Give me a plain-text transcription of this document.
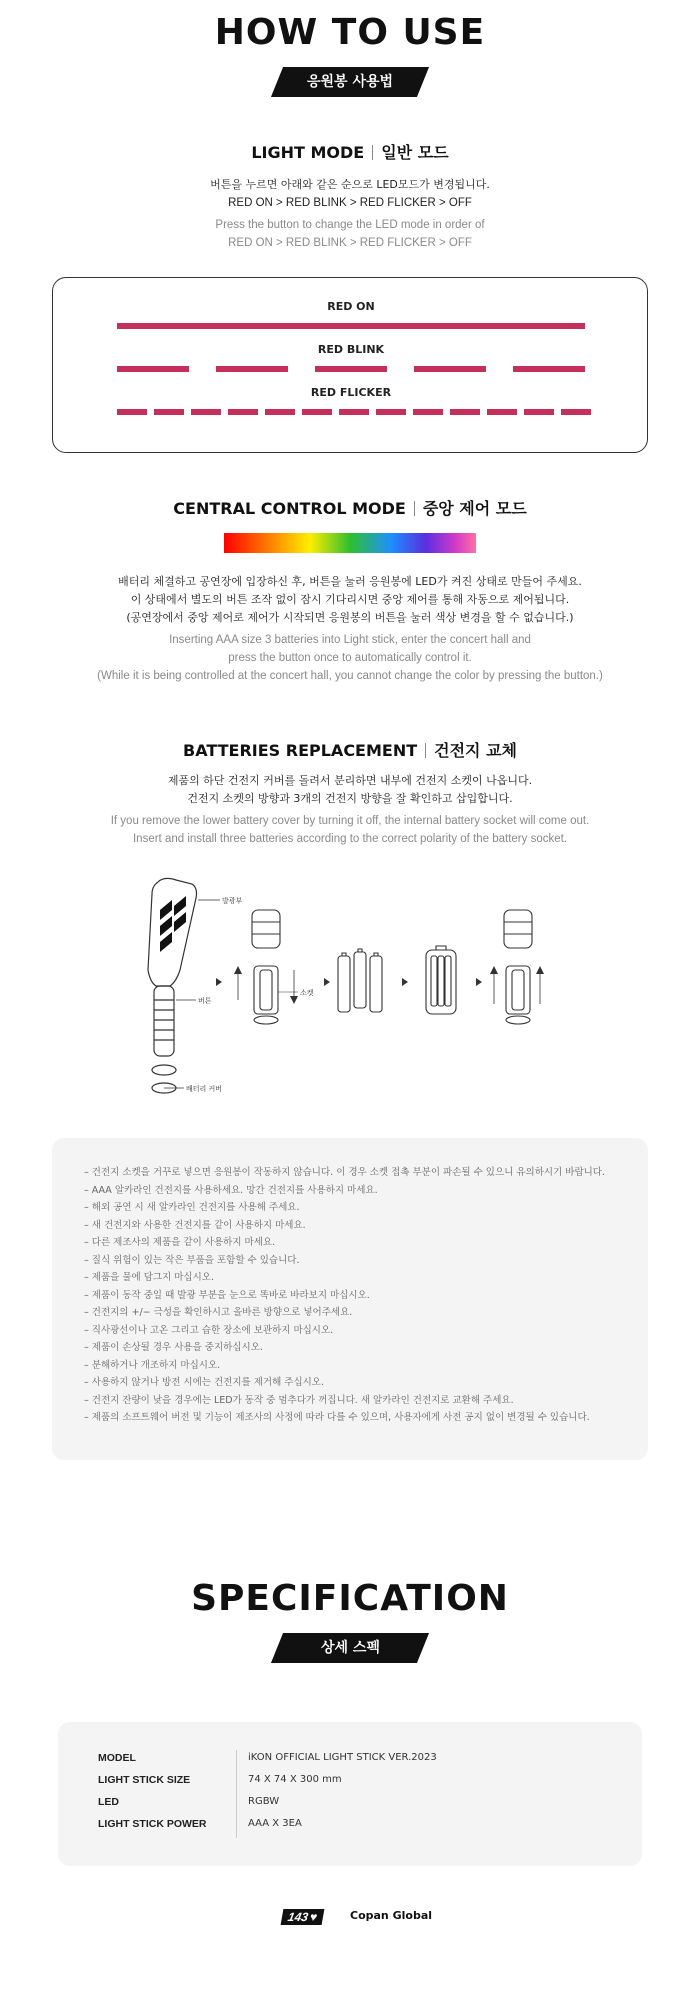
HOW TO USE
응원봉 사용법
LIGHT MODE 일반 모드
버튼을 누르면 아래와 같은 순으로 LED모드가 변경됩니다.
RED ON > RED BLINK > RED FLICKER > OFF
Press the button to change the LED mode in order of
RED ON > RED BLINK > RED FLICKER > OFF
RED ON
RED BLINK
RED FLICKER
CENTRAL CONTROL MODE 중앙 제어 모드
배터리 체결하고 공연장에 입장하신 후, 버튼을 눌러 응원봉에 LED가 켜진 상태로 만들어 주세요.
이 상태에서 별도의 버튼 조작 없이 잠시 기다리시면 중앙 제어를 통해 자동으로 제어됩니다.
(공연장에서 중앙 제어로 제어가 시작되면 응원봉의 버튼을 눌러 색상 변경을 할 수 없습니다.)
Inserting AAA size 3 batteries into Light stick, enter the concert hall and
press the button once to automatically control it.
(While it is being controlled at the concert hall, you cannot change the color by pressing the button.)
BATTERIES REPLACEMENT 건전지 교체
제품의 하단 건전지 커버를 돌려서 분리하면 내부에 건전지 소켓이 나옵니다.
건전지 소켓의 방향과 3개의 건전지 방향을 잘 확인하고 삽입합니다.
If you remove the lower battery cover by turning it off, the internal battery socket will come out.
Insert and install three batteries according to the correct polarity of the battery socket.
발광부
버튼
배터리 커버
소켓
– 건전지 소켓을 거꾸로 넣으면 응원봉이 작동하지 않습니다. 이 경우 소켓 접촉 부분이 파손될 수 있으니 유의하시기 바랍니다.
– AAA 알카라인 건전지를 사용하세요. 망간 건전지를 사용하지 마세요.
– 해외 공연 시 새 알카라인 건전지를 사용해 주세요.
– 새 건전지와 사용한 건전지를 같이 사용하지 마세요.
– 다른 제조사의 제품을 같이 사용하지 마세요.
– 질식 위험이 있는 작은 부품을 포함할 수 있습니다.
– 제품을 물에 담그지 마십시오.
– 제품이 동작 중일 때 발광 부분을 눈으로 똑바로 바라보지 마십시오.
– 건전지의 +/− 극성을 확인하시고 올바른 방향으로 넣어주세요.
– 직사광선이나 고온 그리고 습한 장소에 보관하지 마십시오.
– 제품이 손상될 경우 사용을 중지하십시오.
– 분해하거나 개조하지 마십시오.
– 사용하지 않거나 방전 시에는 건전지를 제거해 주십시오.
– 건전지 잔량이 낮을 경우에는 LED가 동작 중 멈추다가 꺼집니다. 새 알카라인 건전지로 교환해 주세요.
– 제품의 소프트웨어 버전 및 기능이 제조사의 사정에 따라 다를 수 있으며, 사용자에게 사전 공지 없이 변경될 수 있습니다.
SPECIFICATION
상세 스펙
MODEL	iKON OFFICIAL LIGHT STICK VER.2023
LIGHT STICK SIZE	74 X 74 X 300 mm
LED	RGBW
LIGHT STICK POWER	AAA X 3EA
143♥	Copan Global
